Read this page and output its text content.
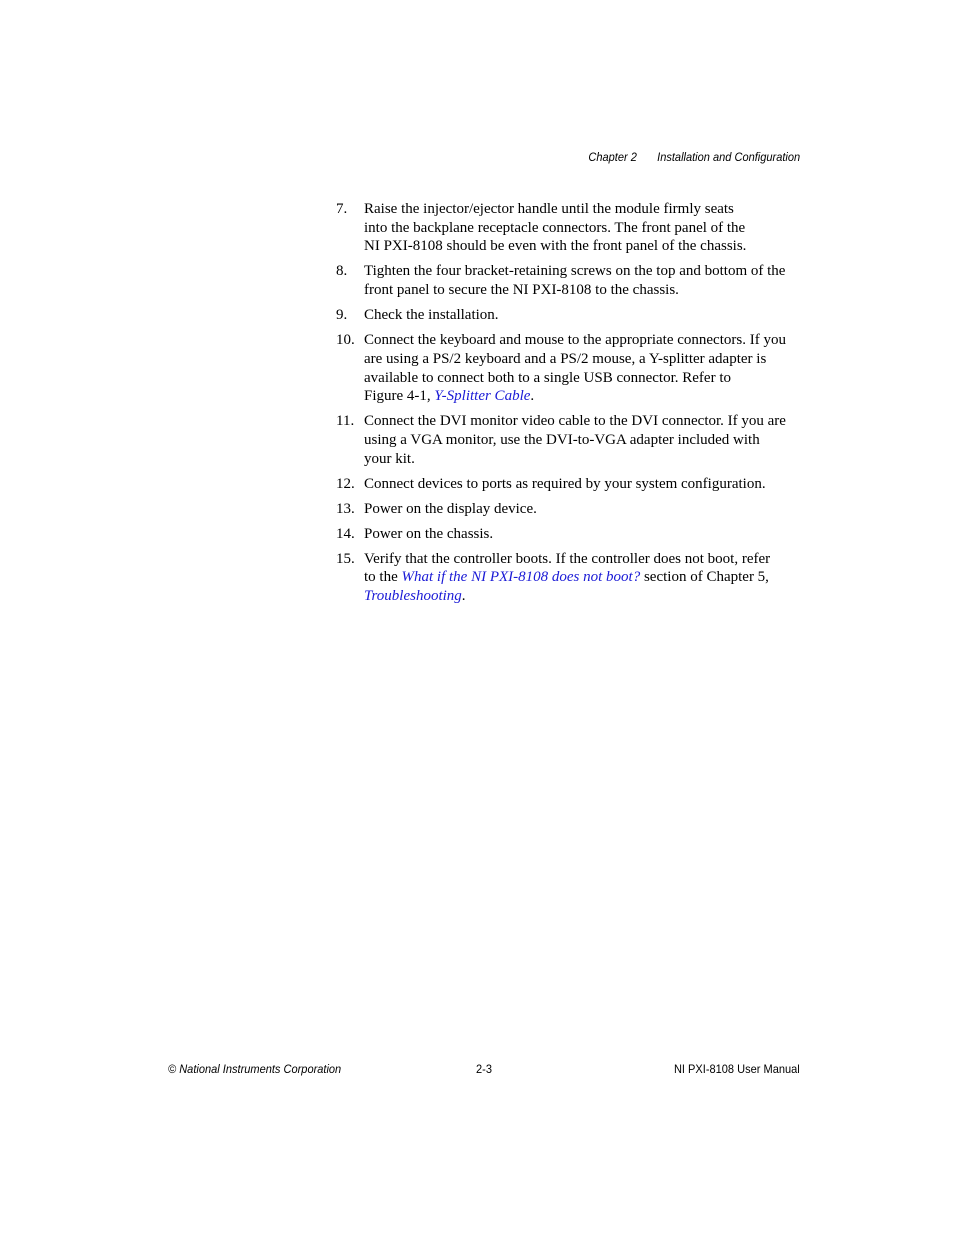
Chapter 2 Installation and Configuration
7. Raise the injector/ejector handle until the module firmly seats
into the backplane receptacle connectors. The front panel of the
NI PXI-8108 should be even with the front panel of the chassis.
8. Tighten the four bracket-retaining screws on the top and bottom of the
front panel to secure the NI PXI-8108 to the chassis.
9. Check the installation.
10. Connect the keyboard and mouse to the appropriate connectors. If you
are using a PS/2 keyboard and a PS/2 mouse, a Y-splitter adapter is
available to connect both to a single USB connector. Refer to
Figure 4-1, Y-Splitter Cable.
11. Connect the DVI monitor video cable to the DVI connector. If you are
using a VGA monitor, use the DVI-to-VGA adapter included with
your kit.
12. Connect devices to ports as required by your system configuration.
13. Power on the display device.
14. Power on the chassis.
15. Verify that the controller boots. If the controller does not boot, refer
to the What if the NI PXI-8108 does not boot? section of Chapter 5,
Troubleshooting.
© National Instruments Corporation	2-3	NI PXI-8108 User Manual
